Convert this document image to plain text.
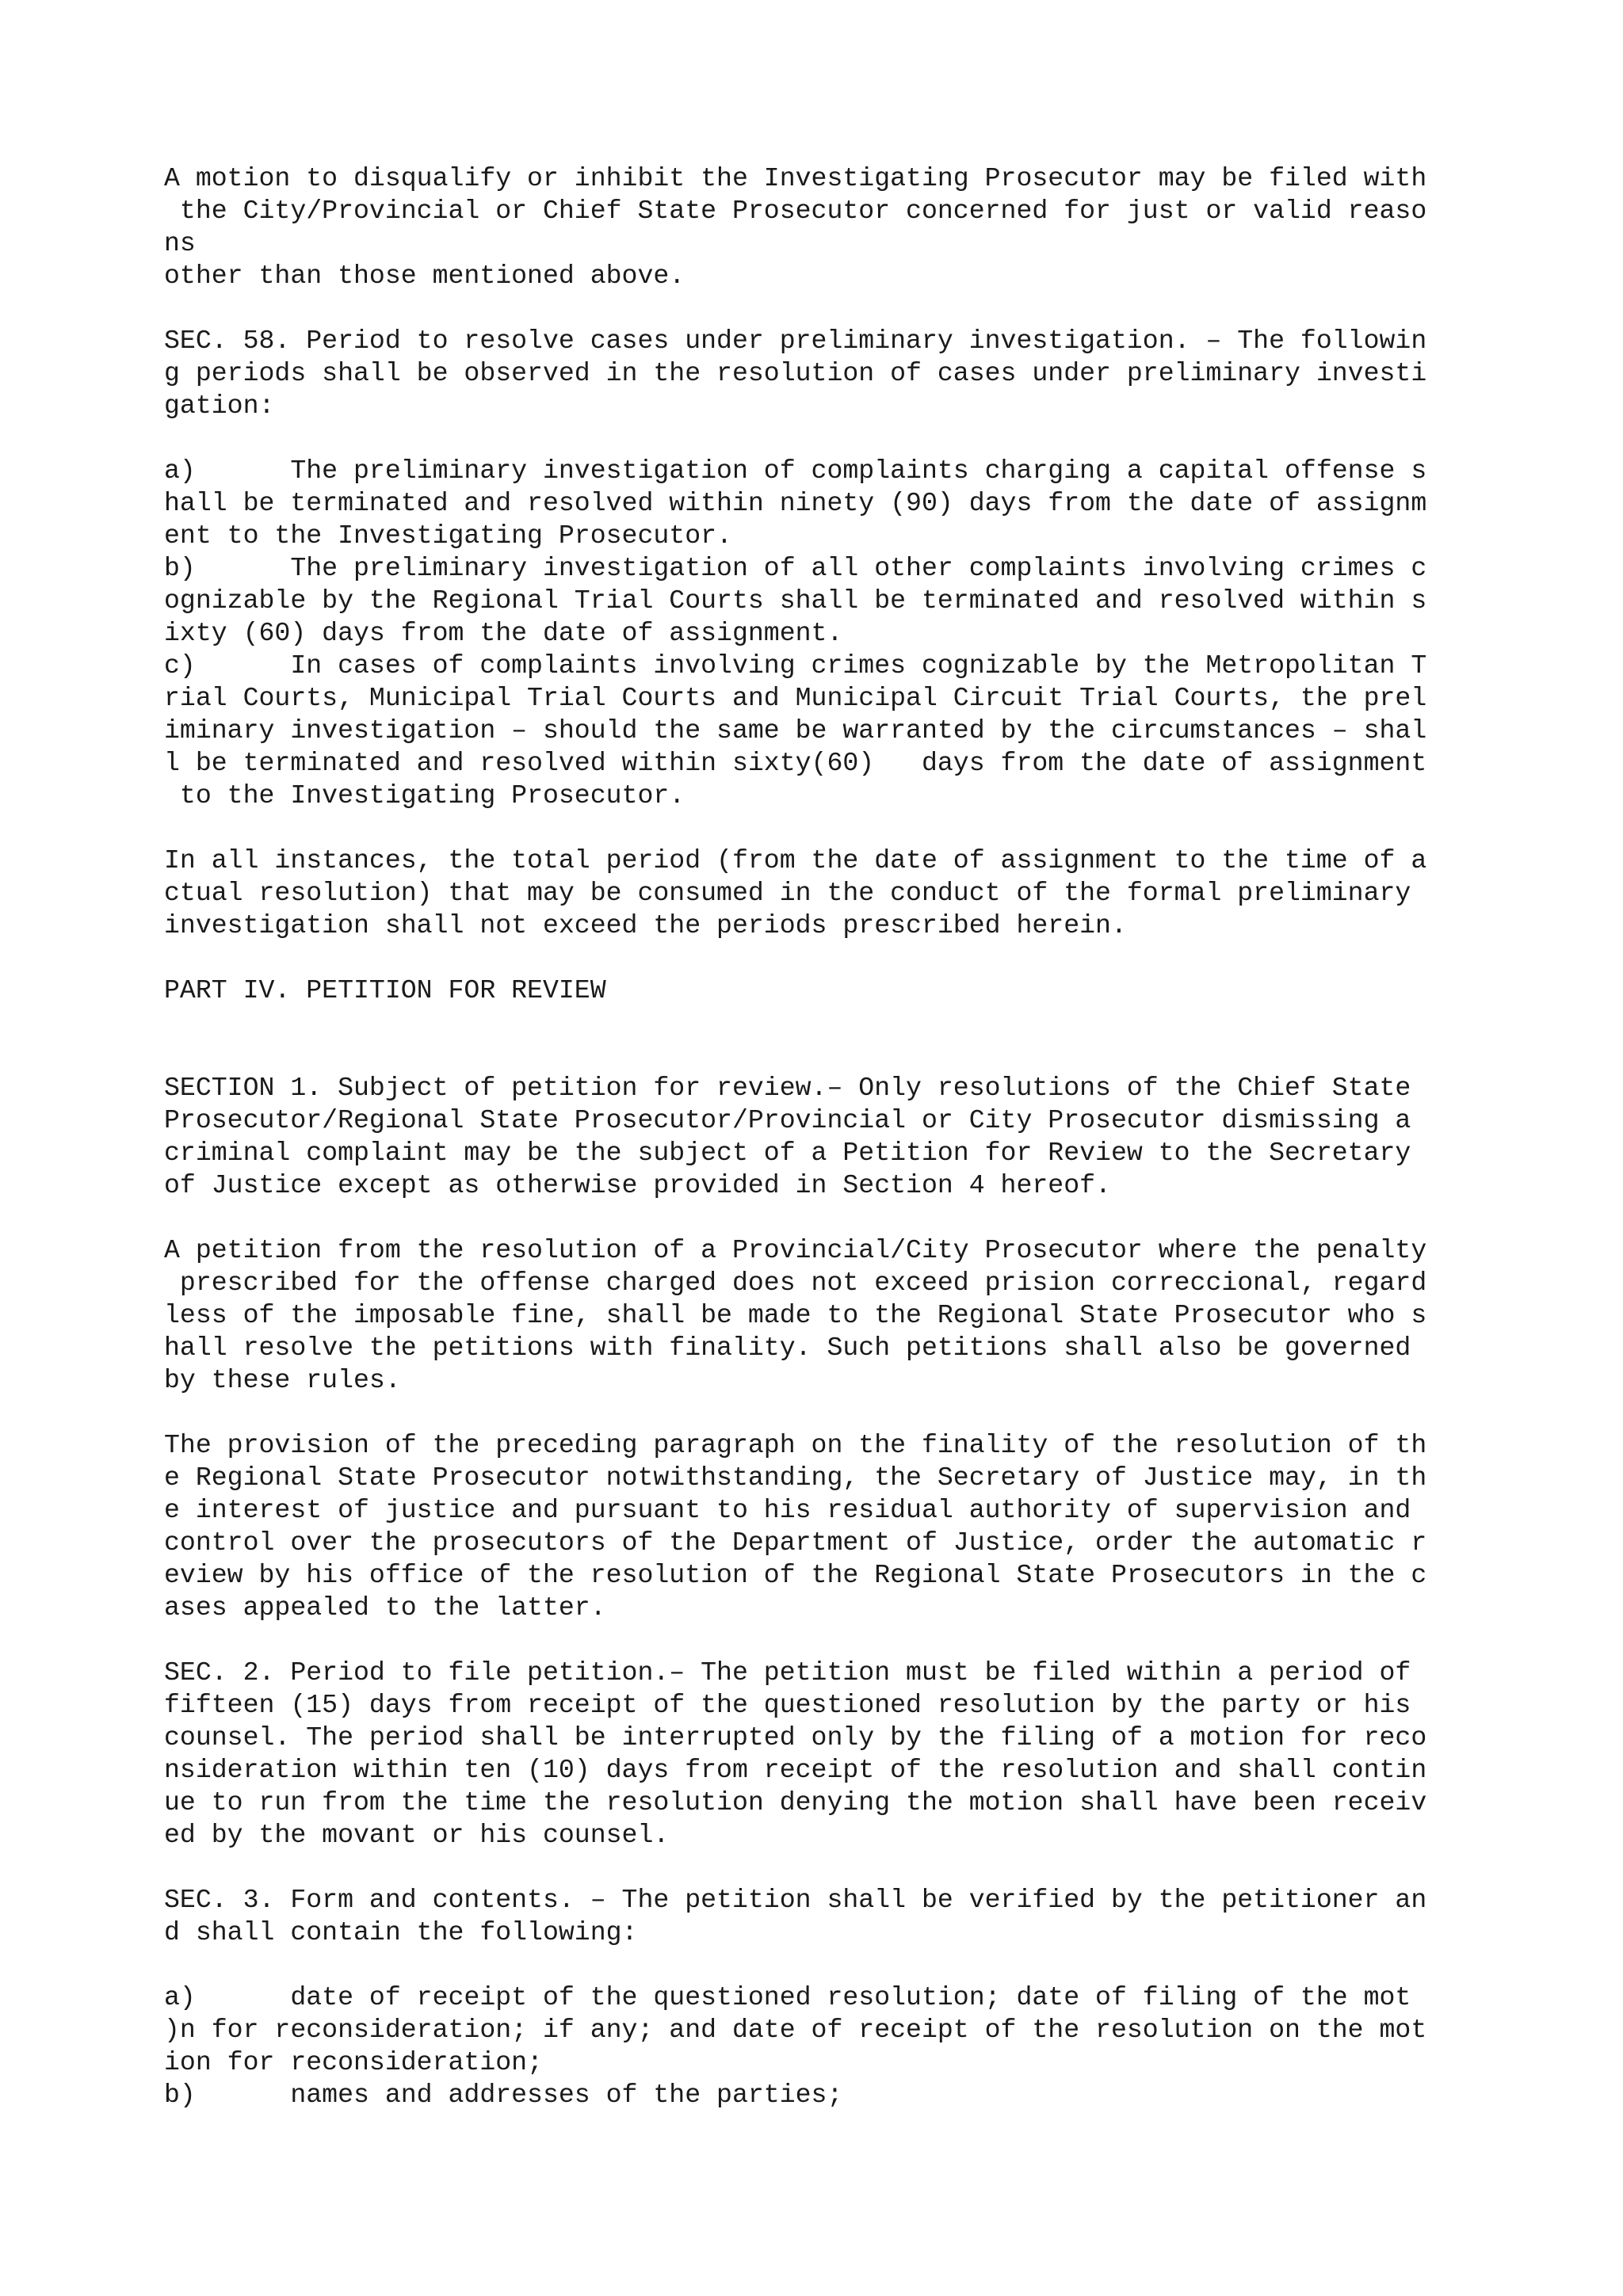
A motion to disqualify or inhibit the Investigating Prosecutor may be filed with
the City/Provincial or Chief State Prosecutor concerned for just or valid reaso
ns
other than those mentioned above.

SEC. 58. Period to resolve cases under preliminary investigation. – The followin
g periods shall be observed in the resolution of cases under preliminary investi
gation:

a)      The preliminary investigation of complaints charging a capital offense s
hall be terminated and resolved within ninety (90) days from the date of assignm
ent to the Investigating Prosecutor.
b)      The preliminary investigation of all other complaints involving crimes c
ognizable by the Regional Trial Courts shall be terminated and resolved within s
ixty (60) days from the date of assignment.
c)      In cases of complaints involving crimes cognizable by the Metropolitan T
rial Courts, Municipal Trial Courts and Municipal Circuit Trial Courts, the prel
iminary investigation – should the same be warranted by the circumstances – shal
l be terminated and resolved within sixty(60)   days from the date of assignment
to the Investigating Prosecutor.

In all instances, the total period (from the date of assignment to the time of a
ctual resolution) that may be consumed in the conduct of the formal preliminary
investigation shall not exceed the periods prescribed herein.

PART IV. PETITION FOR REVIEW

SECTION 1. Subject of petition for review.– Only resolutions of the Chief State
Prosecutor/Regional State Prosecutor/Provincial or City Prosecutor dismissing a
criminal complaint may be the subject of a Petition for Review to the Secretary
of Justice except as otherwise provided in Section 4 hereof.

A petition from the resolution of a Provincial/City Prosecutor where the penalty
prescribed for the offense charged does not exceed prision correccional, regard
less of the imposable fine, shall be made to the Regional State Prosecutor who s
hall resolve the petitions with finality. Such petitions shall also be governed
by these rules.

The provision of the preceding paragraph on the finality of the resolution of th
e Regional State Prosecutor notwithstanding, the Secretary of Justice may, in th
e interest of justice and pursuant to his residual authority of supervision and
control over the prosecutors of the Department of Justice, order the automatic r
eview by his office of the resolution of the Regional State Prosecutors in the c
ases appealed to the latter.

SEC. 2. Period to file petition.– The petition must be filed within a period of
fifteen (15) days from receipt of the questioned resolution by the party or his
counsel. The period shall be interrupted only by the filing of a motion for reco
nsideration within ten (10) days from receipt of the resolution and shall contin
ue to run from the time the resolution denying the motion shall have been receiv
ed by the movant or his counsel.

SEC. 3. Form and contents. – The petition shall be verified by the petitioner an
d shall contain the following:

a)      date of receipt of the questioned resolution; date of filing of the mot
)n for reconsideration; if any; and date of receipt of the resolution on the mot
ion for reconsideration;
b)      names and addresses of the parties;
